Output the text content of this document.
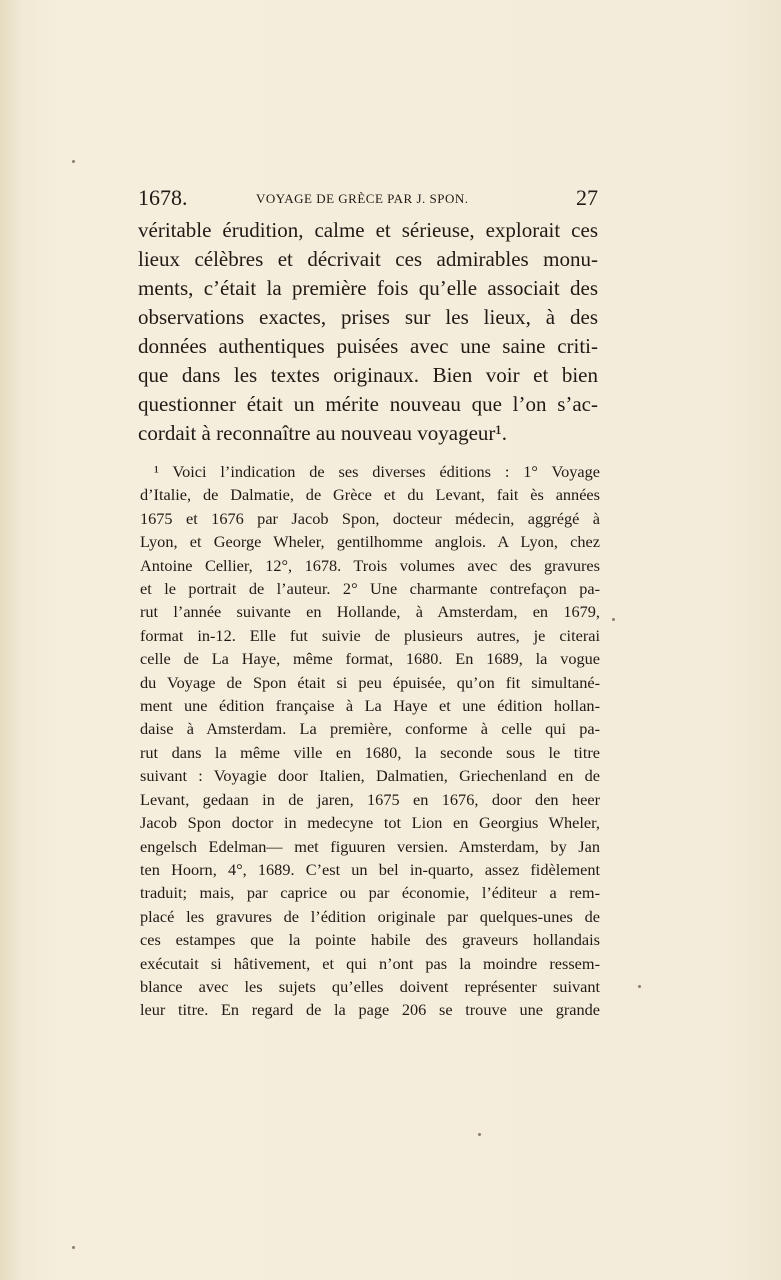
1678.	VOYAGE DE GRÈCE PAR J. SPON.	27
véritable érudition, calme et sérieuse, explorait ces
lieux célèbres et décrivait ces admirables monu-
ments, c’était la première fois qu’elle associait des
observations exactes, prises sur les lieux, à des
données authentiques puisées avec une saine criti-
que dans les textes originaux. Bien voir et bien
questionner était un mérite nouveau que l’on s’ac-
cordait à reconnaître au nouveau voyageur¹.
¹ Voici l’indication de ses diverses éditions : 1° Voyage
d’Italie, de Dalmatie, de Grèce et du Levant, fait ès années
1675 et 1676 par Jacob Spon, docteur médecin, aggrégé à
Lyon, et George Wheler, gentilhomme anglois. A Lyon, chez
Antoine Cellier, 12°, 1678. Trois volumes avec des gravures
et le portrait de l’auteur. 2° Une charmante contrefaçon pa-
rut l’année suivante en Hollande, à Amsterdam, en 1679,
format in-12. Elle fut suivie de plusieurs autres, je citerai
celle de La Haye, même format, 1680. En 1689, la vogue
du Voyage de Spon était si peu épuisée, qu’on fit simultané-
ment une édition française à La Haye et une édition hollan-
daise à Amsterdam. La première, conforme à celle qui pa-
rut dans la même ville en 1680, la seconde sous le titre
suivant : Voyagie door Italien, Dalmatien, Griechenland en de
Levant, gedaan in de jaren, 1675 en 1676, door den heer
Jacob Spon doctor in medecyne tot Lion en Georgius Wheler,
engelsch Edelman— met figuuren versien. Amsterdam, by Jan
ten Hoorn, 4°, 1689. C’est un bel in-quarto, assez fidèlement
traduit; mais, par caprice ou par économie, l’éditeur a rem-
placé les gravures de l’édition originale par quelques-unes de
ces estampes que la pointe habile des graveurs hollandais
exécutait si hâtivement, et qui n’ont pas la moindre ressem-
blance avec les sujets qu’elles doivent représenter suivant
leur titre. En regard de la page 206 se trouve une grande
